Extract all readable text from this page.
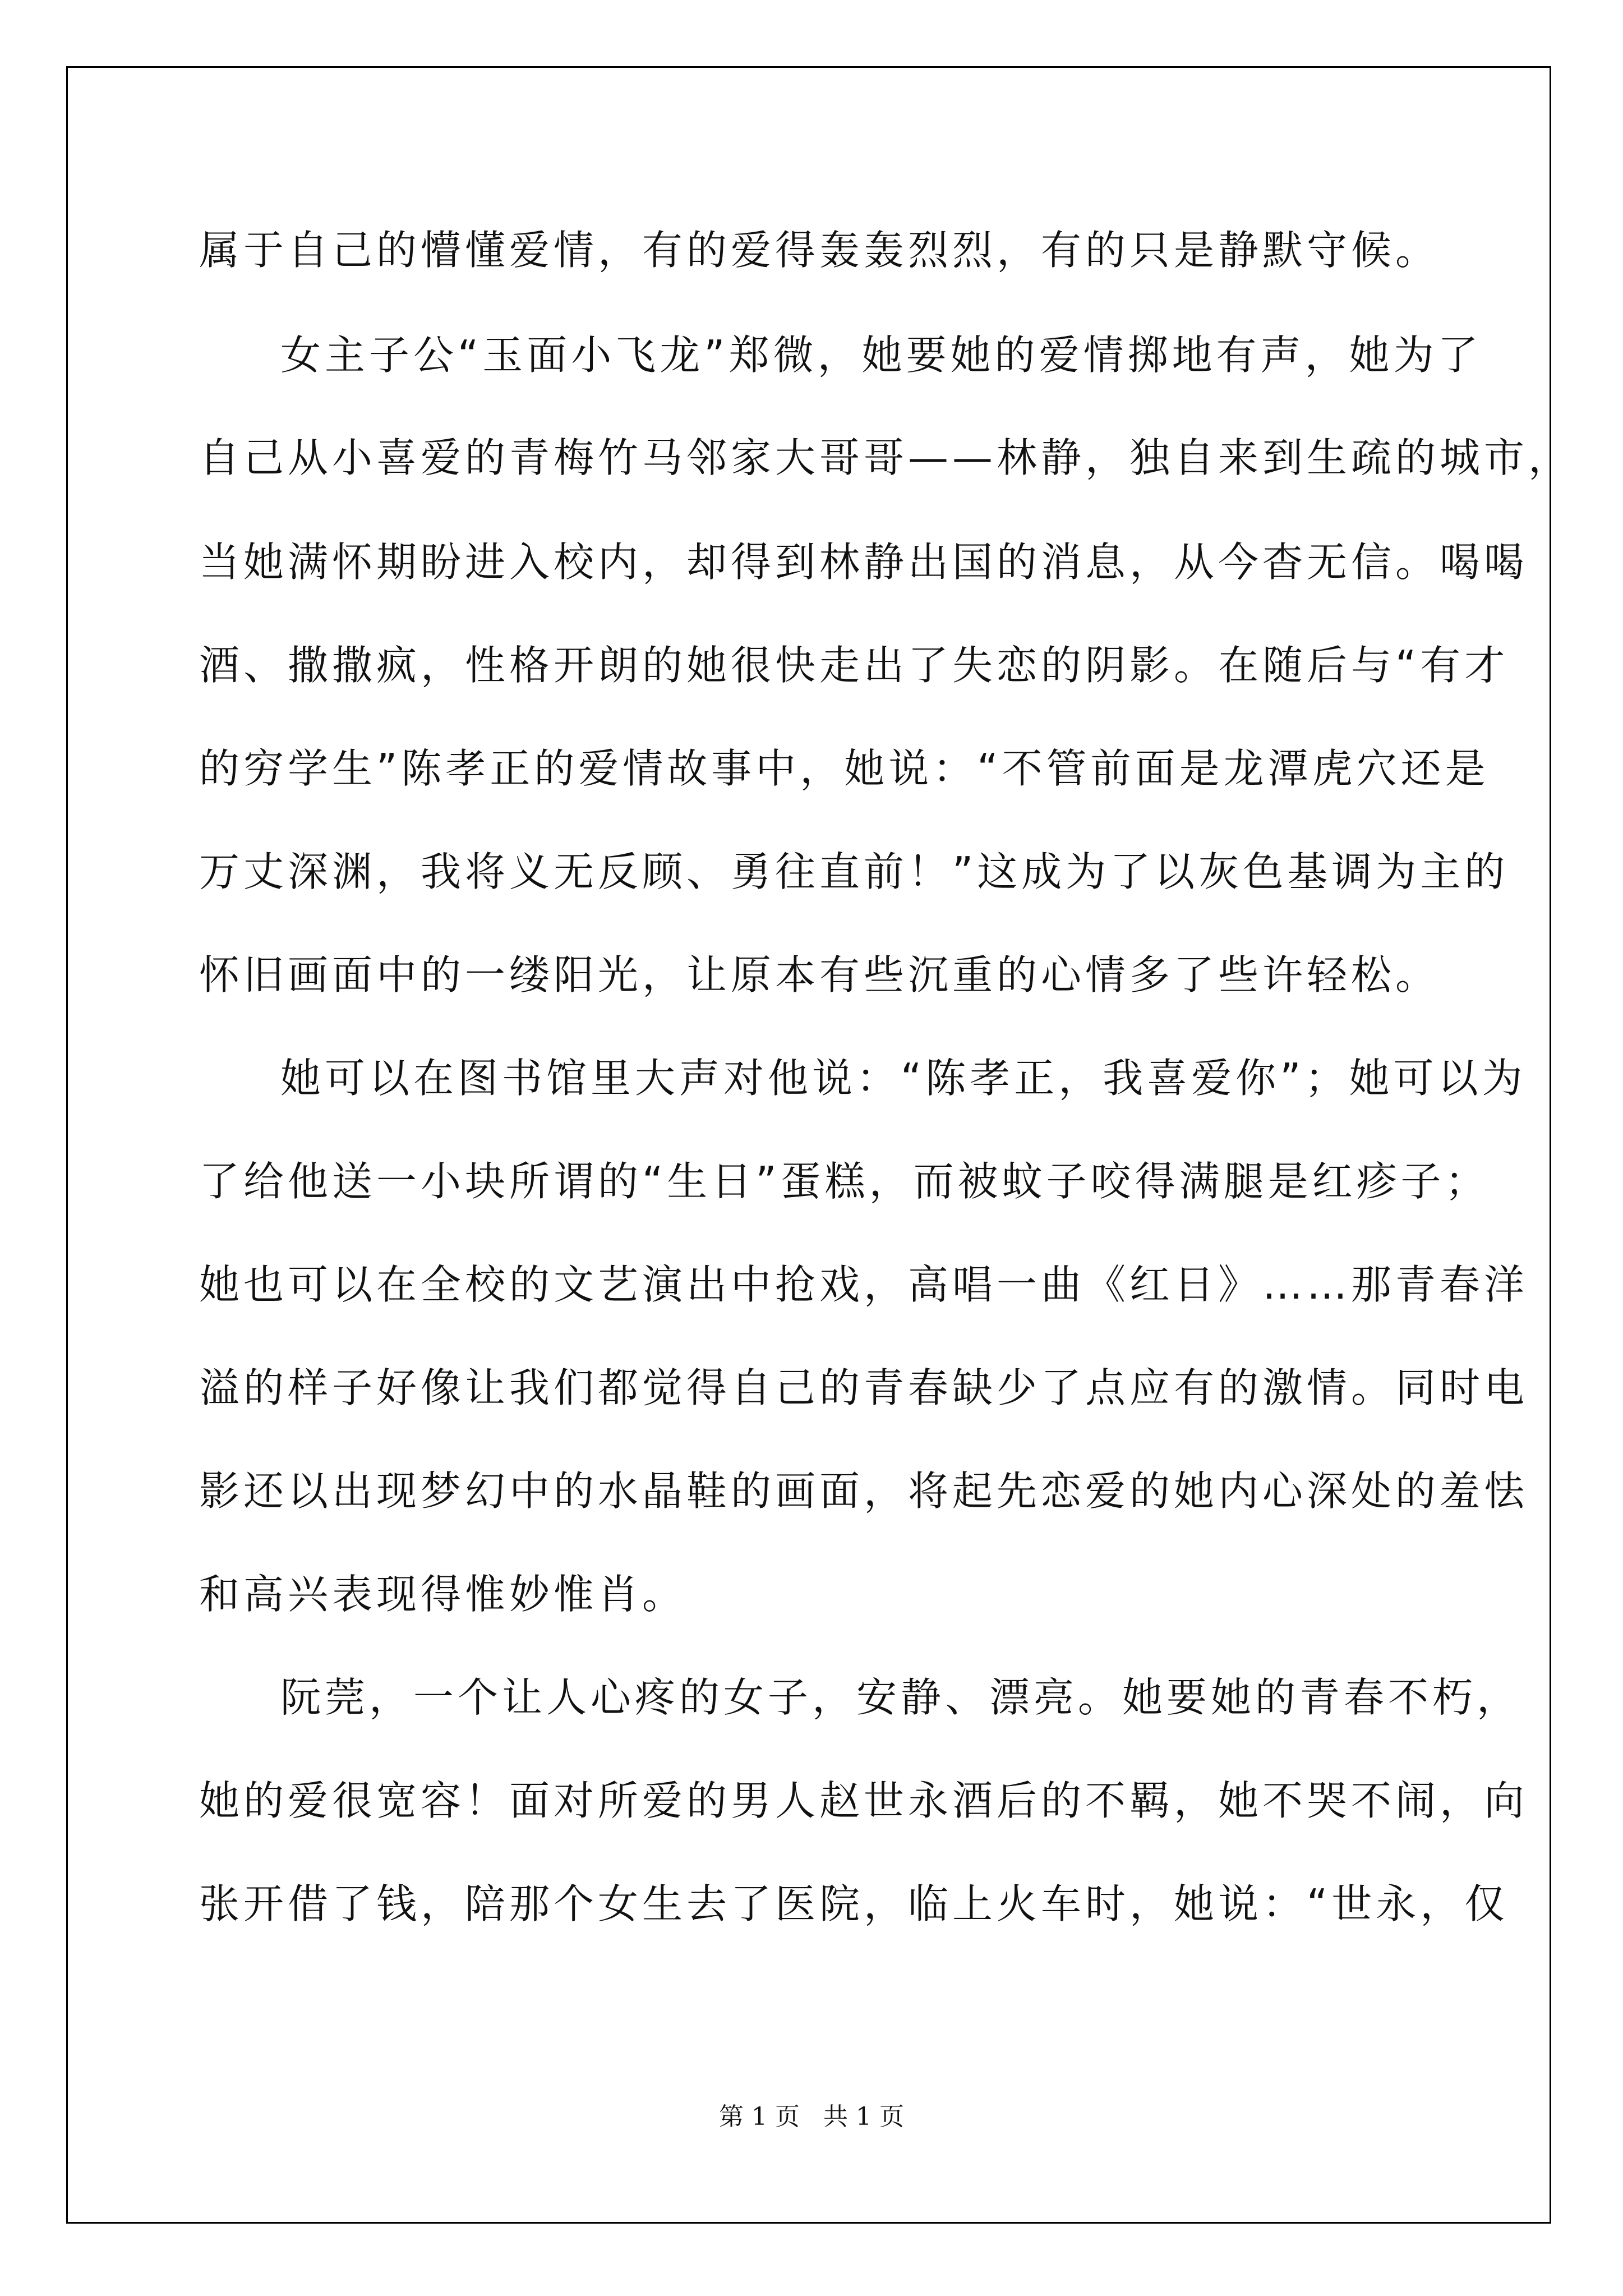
属于自己的懵懂爱情，有的爱得轰轰烈烈，有的只是静默守候。
女主子公“玉面小飞龙”郑微，她要她的爱情掷地有声，她为了
自己从小喜爱的青梅竹马邻家大哥哥——林静，独自来到生疏的城市，
当她满怀期盼进入校内，却得到林静出国的消息，从今杳无信。喝喝
酒、撒撒疯，性格开朗的她很快走出了失恋的阴影。在随后与“有才
的穷学生”陈孝正的爱情故事中，她说：“不管前面是龙潭虎穴还是
万丈深渊，我将义无反顾、勇往直前！”这成为了以灰色基调为主的
怀旧画面中的一缕阳光，让原本有些沉重的心情多了些许轻松。
她可以在图书馆里大声对他说：“陈孝正，我喜爱你”；她可以为
了给他送一小块所谓的“生日”蛋糕，而被蚊子咬得满腿是红疹子；
她也可以在全校的文艺演出中抢戏，高唱一曲《红日》……那青春洋
溢的样子好像让我们都觉得自己的青春缺少了点应有的激情。同时电
影还以出现梦幻中的水晶鞋的画面，将起先恋爱的她内心深处的羞怯
和高兴表现得惟妙惟肖。
阮莞，一个让人心疼的女子，安静、漂亮。她要她的青春不朽，
她的爱很宽容！面对所爱的男人赵世永酒后的不羁，她不哭不闹，向
张开借了钱，陪那个女生去了医院，临上火车时，她说：“世永，仅
第 1 页   共 1 页
